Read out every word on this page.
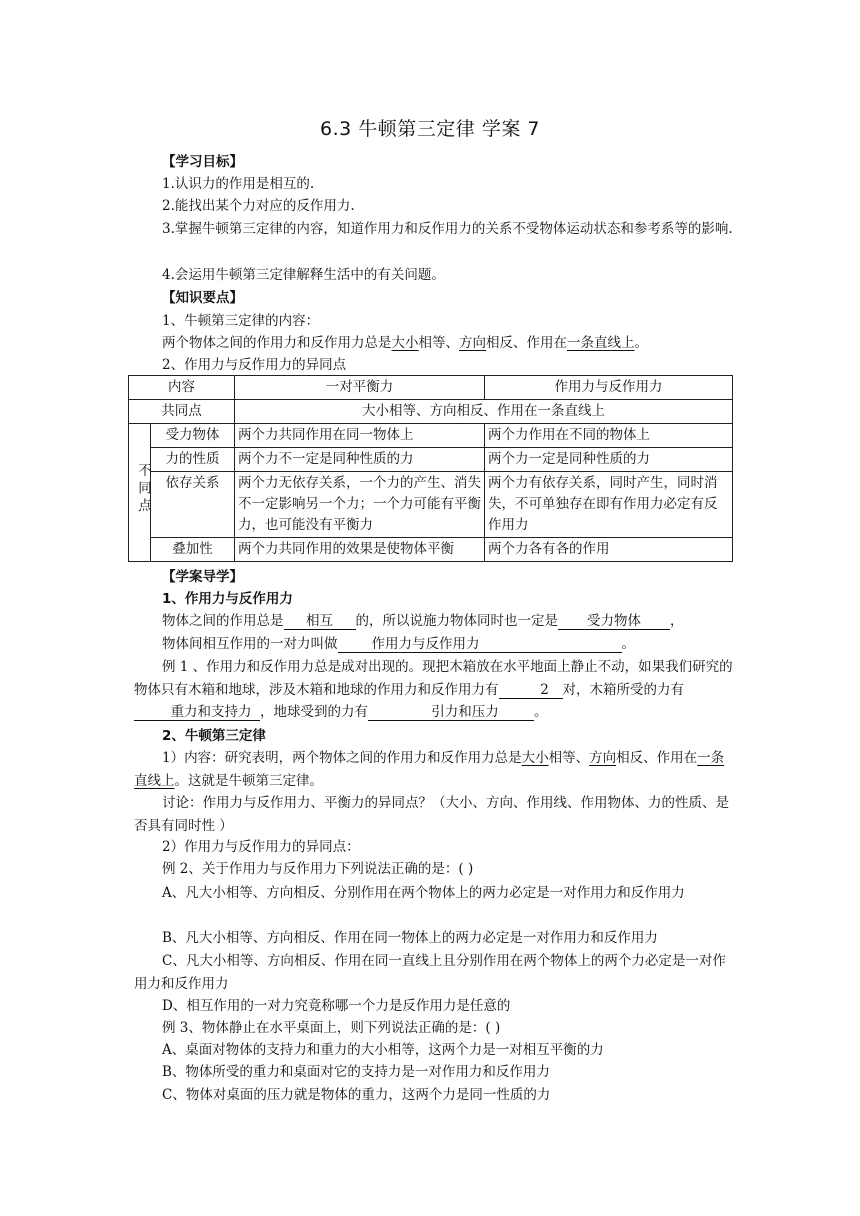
6.3 牛顿第三定律 学案 7
【学习目标】
1.认识力的作用是相互的.
2.能找出某个力对应的反作用力.
3.掌握牛顿第三定律的内容，知道作用力和反作用力的关系不受物体运动状态和参考系等的影响.
4.会运用牛顿第三定律解释生活中的有关问题。
【知识要点】
1、牛顿第三定律的内容：
两个物体之间的作用力和反作用力总是大小相等、方向相反、作用在一条直线上。
2、作用力与反作用力的异同点
内容		一对平衡力	作用力与反作用力
共同点		大小相等、方向相反、作用在一条直线上	
不同点	受力物体	两个力共同作用在同一物体上	两个力作用在不同的物体上
	力的性质	两个力不一定是同种性质的力	两个力一定是同种性质的力
	依存关系	两个力无依存关系，一个力的产生、消失不一定影响另一个力；一个力可能有平衡力，也可能没有平衡力	两个力有依存关系，同时产生，同时消失，不可单独存在即有作用力必定有反作用力
	叠加性	两个力共同作用的效果是使物体平衡	两个力各有各的作用
【学案导学】
1、作用力与反作用力
物体之间的作用总是 相互 的，所以说施力物体同时也一定是 受力物体 ，
物体间相互作用的一对力叫做	作用力与反作用力	。
例 1 、作用力和反作用力总是成对出现的。现把木箱放在水平地面上静止不动，如果我们研究的物体只有木箱和地球，涉及木箱和地球的作用力和反作用力有	2 对，木箱所受的力有重力和支持力 ，地球受到的力有	引力和压力	。
2、牛顿第三定律
1）内容：研究表明，两个物体之间的作用力和反作用力总是大小相等、方向相反、作用在一条直线上。这就是牛顿第三定律。
讨论：作用力与反作用力、平衡力的异同点？（大小、方向、作用线、作用物体、力的性质、是否具有同时性 ）
2）作用力与反作用力的异同点：
例 2、关于作用力与反作用力下列说法正确的是：( )
A、凡大小相等、方向相反、分别作用在两个物体上的两力必定是一对作用力和反作用力
B、凡大小相等、方向相反、作用在同一物体上的两力必定是一对作用力和反作用力
C、凡大小相等、方向相反、作用在同一直线上且分别作用在两个物体上的两个力必定是一对作用力和反作用力
D、相互作用的一对力究竟称哪一个力是反作用力是任意的
例 3、物体静止在水平桌面上，则下列说法正确的是：( )
A、桌面对物体的支持力和重力的大小相等，这两个力是一对相互平衡的力
B、物体所受的重力和桌面对它的支持力是一对作用力和反作用力
C、物体对桌面的压力就是物体的重力，这两个力是同一性质的力
